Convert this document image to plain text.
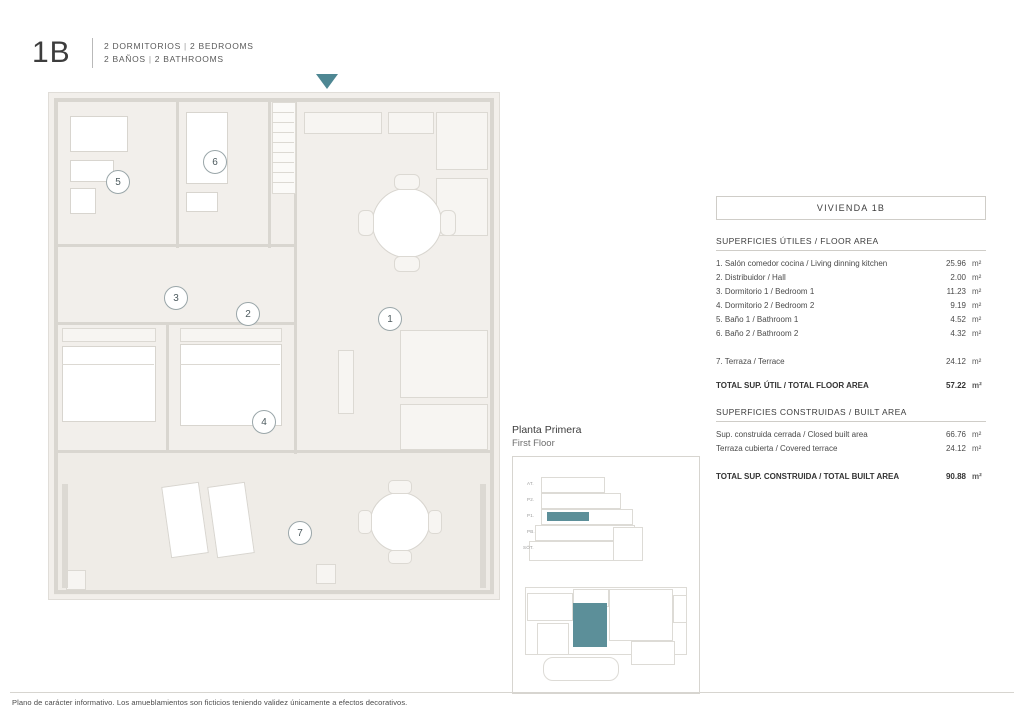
1B	2 DORMITORIOS | 2 BEDROOMS
2 BAÑOS | 2 BATHROOMS
1
2
3
4
5
6
7
VIVIENDA 1B
SUPERFICIES ÚTILES / FLOOR AREA
1. Salón comedor cocina / Living dinning kitchen	25.96 m²
2. Distribuidor / Hall	2.00 m²
3. Dormitorio 1 / Bedroom 1	11.23 m²
4. Dormitorio 2 / Bedroom 2	9.19 m²
5. Baño 1 / Bathroom 1	4.52 m²
6. Baño 2 / Bathroom 2	4.32 m²
7. Terraza / Terrace	24.12 m²
TOTAL SUP. ÚTIL / TOTAL FLOOR AREA	57.22 m²
SUPERFICIES CONSTRUIDAS / BUILT AREA
Sup. construida cerrada / Closed built area	66.76 m²
Terraza cubierta / Covered terrace	24.12 m²
TOTAL SUP. CONSTRUIDA / TOTAL BUILT AREA	90.88 m²
Planta Primera
First Floor
AT.
P2.
P1.
PB.
SÓT.
Plano de carácter informativo. Los amueblamientos son ficticios teniendo validez únicamente a efectos decorativos.
